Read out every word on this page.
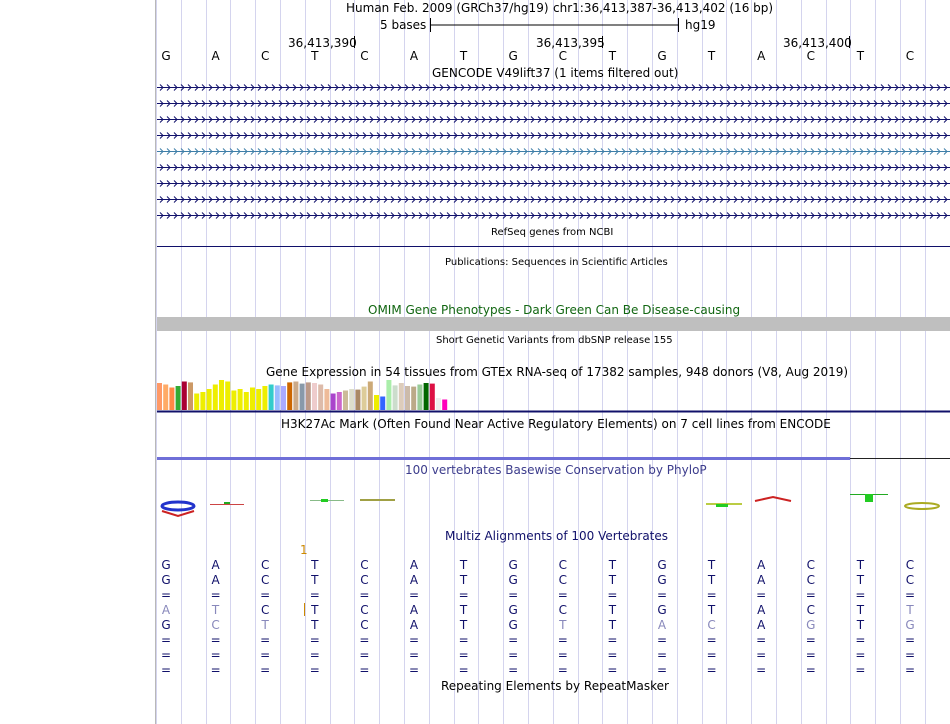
Human Feb. 2009 (GRCh37/hg19) chr1:36,413,387-36,413,402 (16 bp)
5 bases	hg19
36,413,390	36,413,395	36,413,400
G	A	C	T	C	A	T	G	C	T	G	T	A	C	T	C
GENCODE V49lift37 (1 items filtered out)
RefSeq genes from NCBI
Publications: Sequences in Scientific Articles
OMIM Gene Phenotypes - Dark Green Can Be Disease-causing
Short Genetic Variants from dbSNP release 155
Gene Expression in 54 tissues from GTEx RNA-seq of 17382 samples, 948 donors (V8, Aug 2019)
H3K27Ac Mark (Often Found Near Active Regulatory Elements) on 7 cell lines from ENCODE
100 vertebrates Basewise Conservation by PhyloP
Multiz Alignments of 100 Vertebrates
1
Repeating Elements by RepeatMasker
G	A	C	T	C	A	T	G	C	T	G	T	A	C	T	C
G	A	C	T	C	A	T	G	C	T	G	T	A	C	T	C
=	=	=	=	=	=	=	=	=	=	=	=	=	=	=	=
A	T	C	T	C	A	T	G	C	T	G	T	A	C	T	T
G	C	T	T	C	A	T	G	T	T	A	C	A	G	T	G
=	=	=	=	=	=	=	=	=	=	=	=	=	=	=	=
=	=	=	=	=	=	=	=	=	=	=	=	=	=	=	=
=	=	=	=	=	=	=	=	=	=	=	=	=	=	=	=
